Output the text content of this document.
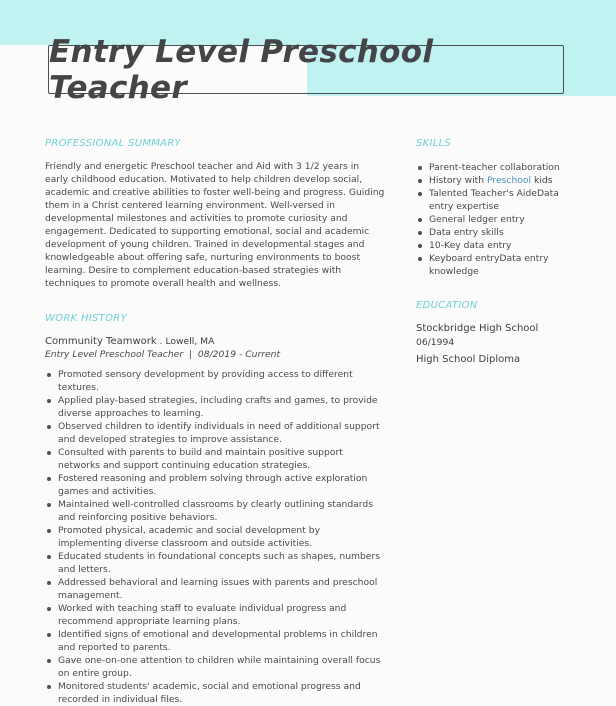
Entry Level Preschool Teacher
PROFESSIONAL SUMMARY
Friendly and energetic Preschool teacher and Aid with 3 1/2 years in early childhood education. Motivated to help children develop social, academic and creative abilities to foster well-being and progress. Guiding them in a Christ centered learning environment. Well-versed in developmental milestones and activities to promote curiosity and engagement. Dedicated to supporting emotional, social and academic development of young children. Trained in developmental stages and knowledgeable about offering safe, nurturing environments to boost learning. Desire to complement education-based strategies with techniques to promote overall health and wellness.
WORK HISTORY
Community Teamwork . Lowell, MA
Entry Level Preschool Teacher  |  08/2019 - Current
Promoted sensory development by providing access to different textures.
Applied play-based strategies, including crafts and games, to provide diverse approaches to learning.
Observed children to identify individuals in need of additional support and developed strategies to improve assistance.
Consulted with parents to build and maintain positive support networks and support continuing education strategies.
Fostered reasoning and problem solving through active exploration games and activities.
Maintained well-controlled classrooms by clearly outlining standards and reinforcing positive behaviors.
Promoted physical, academic and social development by implementing diverse classroom and outside activities.
Educated students in foundational concepts such as shapes, numbers and letters.
Addressed behavioral and learning issues with parents and preschool management.
Worked with teaching staff to evaluate individual progress and recommend appropriate learning plans.
Identified signs of emotional and developmental problems in children and reported to parents.
Gave one-on-one attention to children while maintaining overall focus on entire group.
Monitored students' academic, social and emotional progress and recorded in individual files.
SKILLS
Parent-teacher collaboration
History with Preschool kids
Talented Teacher's AideData entry expertise
General ledger entry
Data entry skills
10-Key data entry
Keyboard entryData entry knowledge
EDUCATION
Stockbridge High School
06/1994
High School Diploma
